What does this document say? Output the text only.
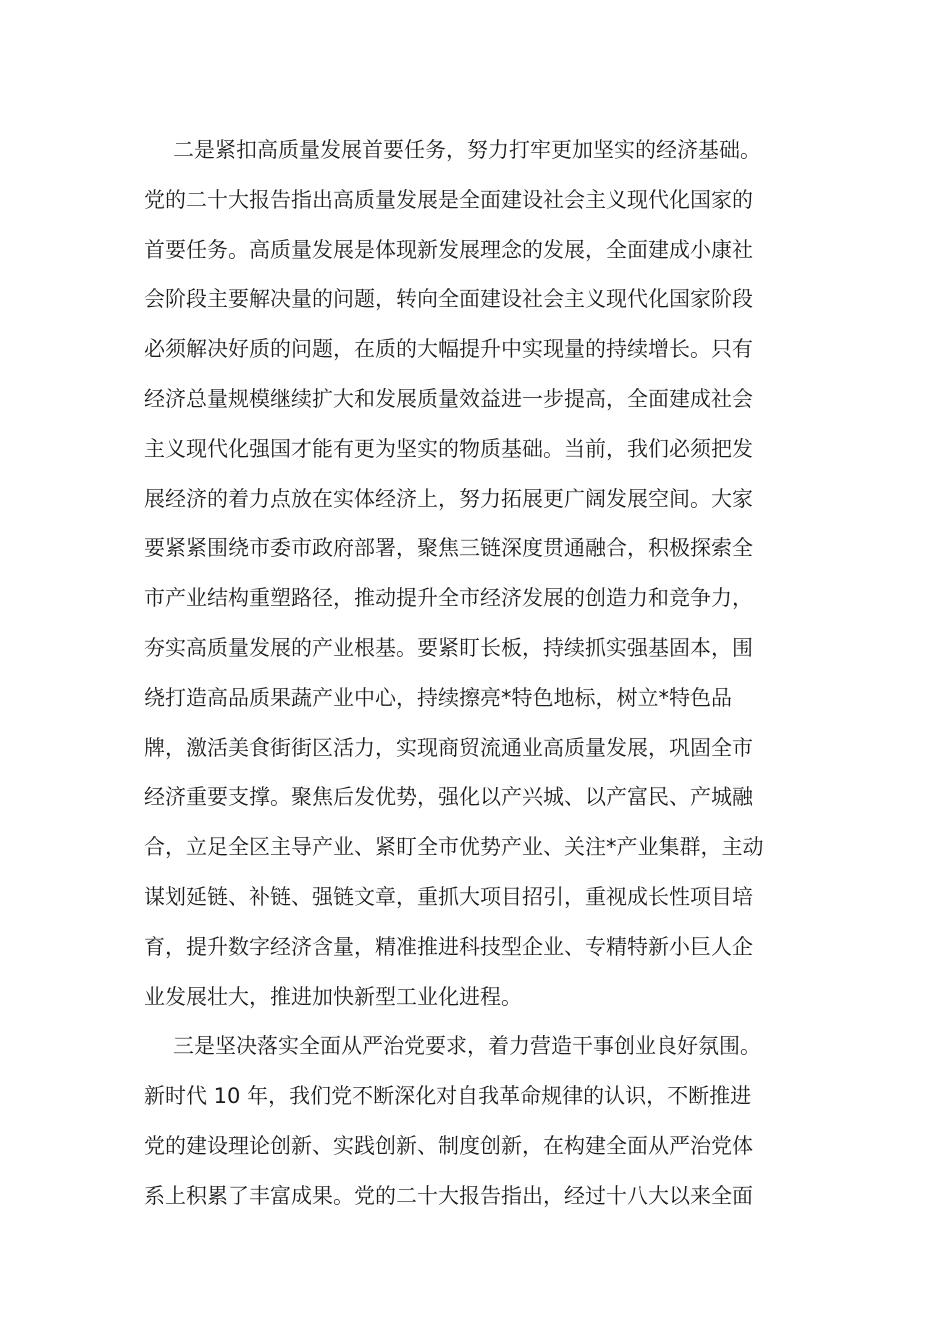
二是紧扣高质量发展首要任务，努力打牢更加坚实的经济基础。
党的二十大报告指出高质量发展是全面建设社会主义现代化国家的
首要任务。高质量发展是体现新发展理念的发展，全面建成小康社
会阶段主要解决量的问题，转向全面建设社会主义现代化国家阶段
必须解决好质的问题，在质的大幅提升中实现量的持续增长。只有
经济总量规模继续扩大和发展质量效益进一步提高，全面建成社会
主义现代化强国才能有更为坚实的物质基础。当前，我们必须把发
展经济的着力点放在实体经济上，努力拓展更广阔发展空间。大家
要紧紧围绕市委市政府部署，聚焦三链深度贯通融合，积极探索全
市产业结构重塑路径，推动提升全市经济发展的创造力和竞争力，
夯实高质量发展的产业根基。要紧盯长板，持续抓实强基固本，围
绕打造高品质果蔬产业中心，持续擦亮*特色地标，树立*特色品
牌，激活美食街街区活力，实现商贸流通业高质量发展，巩固全市
经济重要支撑。聚焦后发优势，强化以产兴城、以产富民、产城融
合，立足全区主导产业、紧盯全市优势产业、关注*产业集群，主动
谋划延链、补链、强链文章，重抓大项目招引，重视成长性项目培
育，提升数字经济含量，精准推进科技型企业、专精特新小巨人企
业发展壮大，推进加快新型工业化进程。
三是坚决落实全面从严治党要求，着力营造干事创业良好氛围。
新时代 10 年，我们党不断深化对自我革命规律的认识，不断推进
党的建设理论创新、实践创新、制度创新，在构建全面从严治党体
系上积累了丰富成果。党的二十大报告指出，经过十八大以来全面
